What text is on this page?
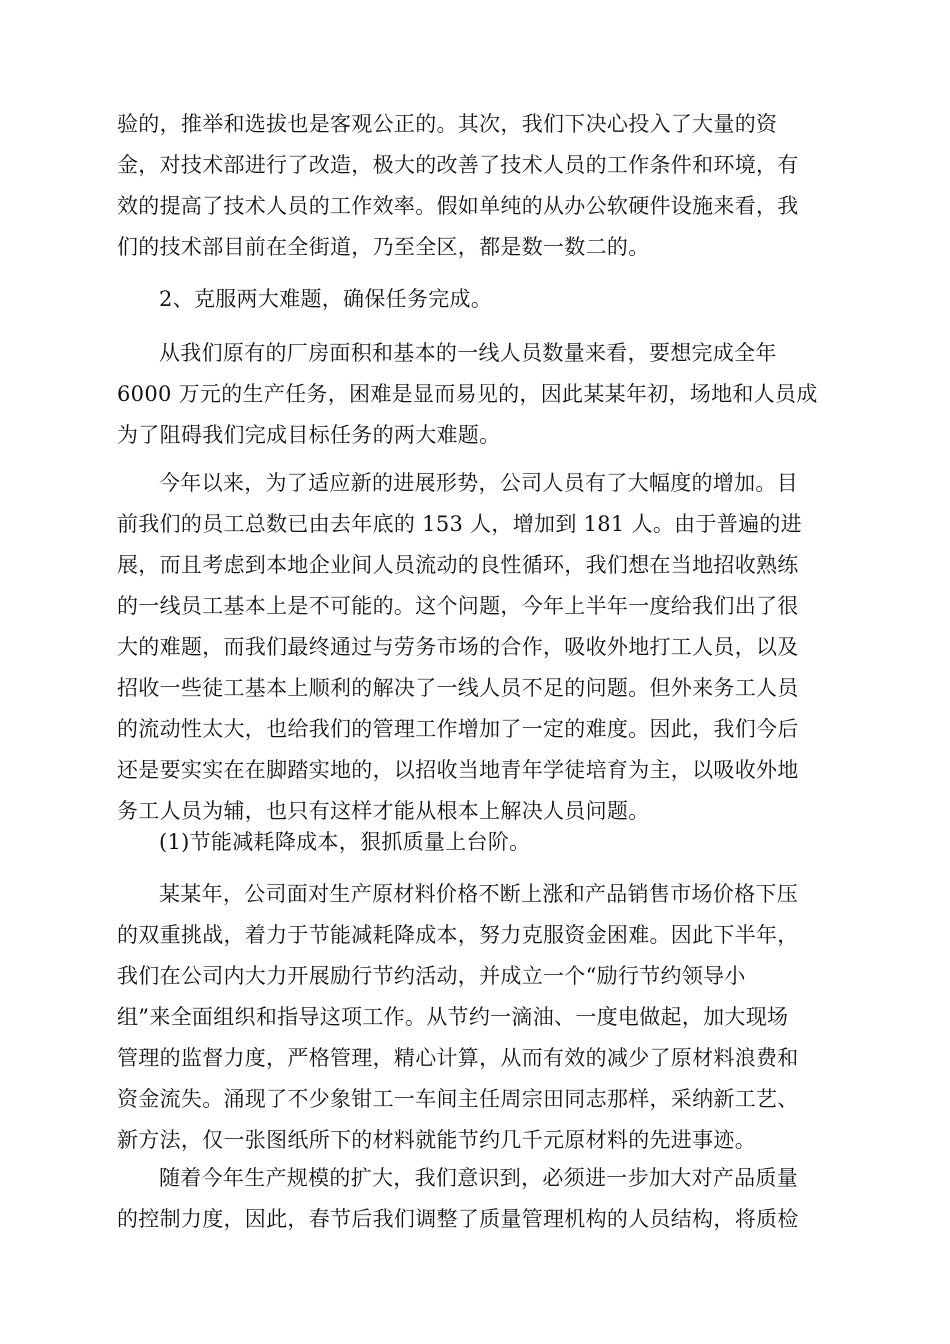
验的，推举和选拔也是客观公正的。其次，我们下决心投入了大量的资
金，对技术部进行了改造，极大的改善了技术人员的工作条件和环境，有
效的提高了技术人员的工作效率。假如单纯的从办公软硬件设施来看，我
们的技术部目前在全街道，乃至全区，都是数一数二的。
2、克服两大难题，确保任务完成。
从我们原有的厂房面积和基本的一线人员数量来看，要想完成全年
6000 万元的生产任务，困难是显而易见的，因此某某年初，场地和人员成
为了阻碍我们完成目标任务的两大难题。
今年以来，为了适应新的进展形势，公司人员有了大幅度的增加。目
前我们的员工总数已由去年底的 153 人，增加到 181 人。由于普遍的进
展，而且考虑到本地企业间人员流动的良性循环，我们想在当地招收熟练
的一线员工基本上是不可能的。这个问题，今年上半年一度给我们出了很
大的难题，而我们最终通过与劳务市场的合作，吸收外地打工人员，以及
招收一些徒工基本上顺利的解决了一线人员不足的问题。但外来务工人员
的流动性太大，也给我们的管理工作增加了一定的难度。因此，我们今后
还是要实实在在脚踏实地的，以招收当地青年学徒培育为主，以吸收外地
务工人员为辅，也只有这样才能从根本上解决人员问题。
(1)节能减耗降成本，狠抓质量上台阶。
某某年，公司面对生产原材料价格不断上涨和产品销售市场价格下压
的双重挑战，着力于节能减耗降成本，努力克服资金困难。因此下半年，
我们在公司内大力开展励行节约活动，并成立一个“励行节约领导小
组”来全面组织和指导这项工作。从节约一滴油、一度电做起，加大现场
管理的监督力度，严格管理，精心计算，从而有效的减少了原材料浪费和
资金流失。涌现了不少象钳工一车间主任周宗田同志那样，采纳新工艺、
新方法，仅一张图纸所下的材料就能节约几千元原材料的先进事迹。
随着今年生产规模的扩大，我们意识到，必须进一步加大对产品质量
的控制力度，因此，春节后我们调整了质量管理机构的人员结构，将质检
